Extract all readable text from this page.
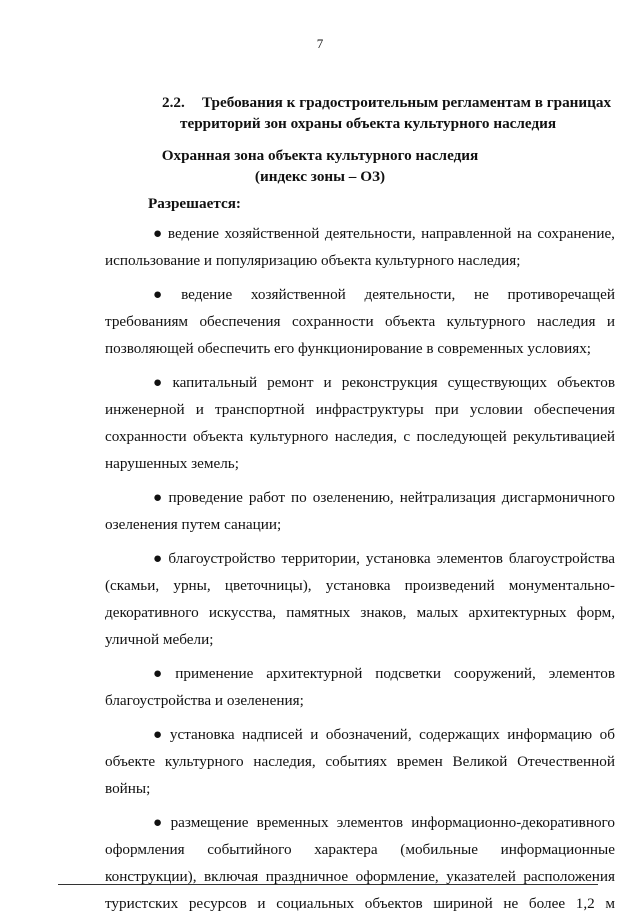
7
2.2. Требования к градостроительным регламентам в границах
территорий зон охраны объекта культурного наследия
Охранная зона объекта культурного наследия
(индекс зоны – ОЗ)
Разрешается:

● ведение хозяйственной деятельности, направленной на сохранение, использование и популяризацию объекта культурного наследия;

● ведение хозяйственной деятельности, не противоречащей требованиям обеспечения сохранности объекта культурного наследия и позволяющей обеспечить его функционирование в современных условиях;

● капитальный ремонт и реконструкция существующих объектов инженерной и транспортной инфраструктуры при условии обеспечения сохранности объекта культурного наследия, с последующей рекультивацией нарушенных земель;

● проведение работ по озеленению, нейтрализация дисгармоничного озеленения путем санации;

● благоустройство территории, установка элементов благоустройства (скамьи, урны, цветочницы), установка произведений монументально-декоративного искусства, памятных знаков, малых архитектурных форм, уличной мебели;

● применение архитектурной подсветки сооружений, элементов благоустройства и озеленения;

● установка надписей и обозначений, содержащих информацию об объекте культурного наследия, событиях времен Великой Отечественной войны;

● размещение временных элементов информационно-декоративного оформления событийного характера (мобильные информационные конструкции), включая праздничное оформление, указателей расположения туристских ресурсов и социальных объектов шириной не более 1,2 м
